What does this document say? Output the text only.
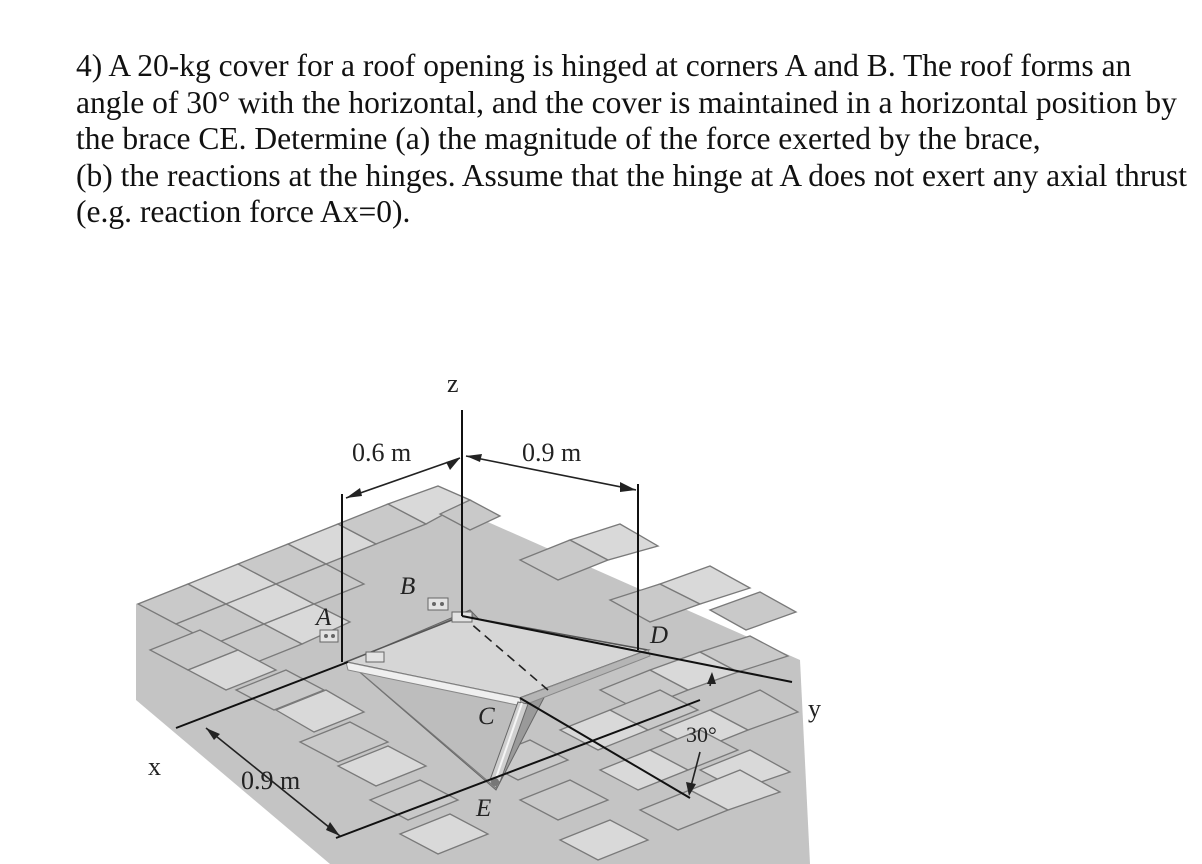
4) A 20-kg cover for a roof opening is hinged at corners A and B. The roof forms an
angle of 30° with the horizontal, and the cover is maintained in a horizontal position by
the brace CE. Determine (a) the magnitude of the force exerted by the brace,
(b) the reactions at the hinges. Assume that the hinge at A does not exert any axial thrust
(e.g. reaction force Ax=0).
z
x
y
0.6 m	0.9 m
0.9 m
30°
A
B
C
D
E
